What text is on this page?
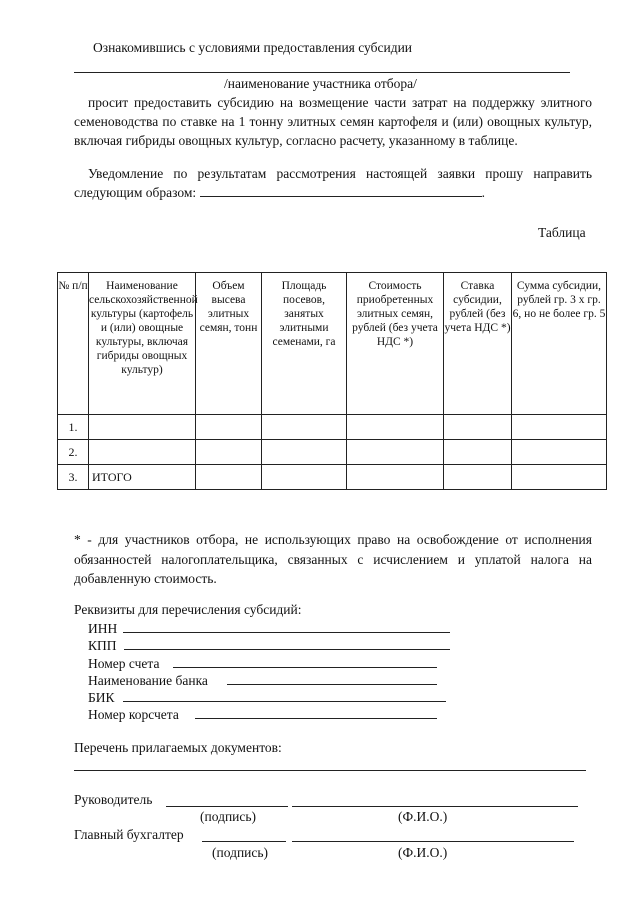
Ознакомившись с условиями предоставления субсидии
/наименование участника отбора/
просит предоставить субсидию на возмещение части затрат на поддержку элитного семеноводства по ставке на 1 тонну элитных семян картофеля и (или) овощных культур, включая гибриды овощных культур, согласно расчету, указанному в таблице.
Уведомление по результатам рассмотрения настоящей заявки прошу направить следующим образом:	.
Таблица
№ п/п	Наименование сельскохозяйственной культуры (картофель и (или) овощные культуры, включая гибриды овощных культур)	Объем высева элитных семян, тонн	Площадь посевов, занятых элитными семенами, га	Стоимость приобретенных элитных семян, рублей (без учета НДС *)	Ставка субсидии, рублей (без учета НДС *)	Сумма субсидии, рублей гр. 3 х гр. 6, но не более гр. 5
1.						
2.						
3.	ИТОГО					
* - для участников отбора, не использующих право на освобождение от исполнения обязанностей налогоплательщика, связанных с исчислением и уплатой налога на добавленную стоимость.
Реквизиты для перечисления субсидий:
ИНН
КПП
Номер счета
Наименование банка
БИК
Номер корсчета
Перечень прилагаемых документов:
Руководитель
(подпись)	(Ф.И.О.)
Главный бухгалтер
(подпись)	(Ф.И.О.)
